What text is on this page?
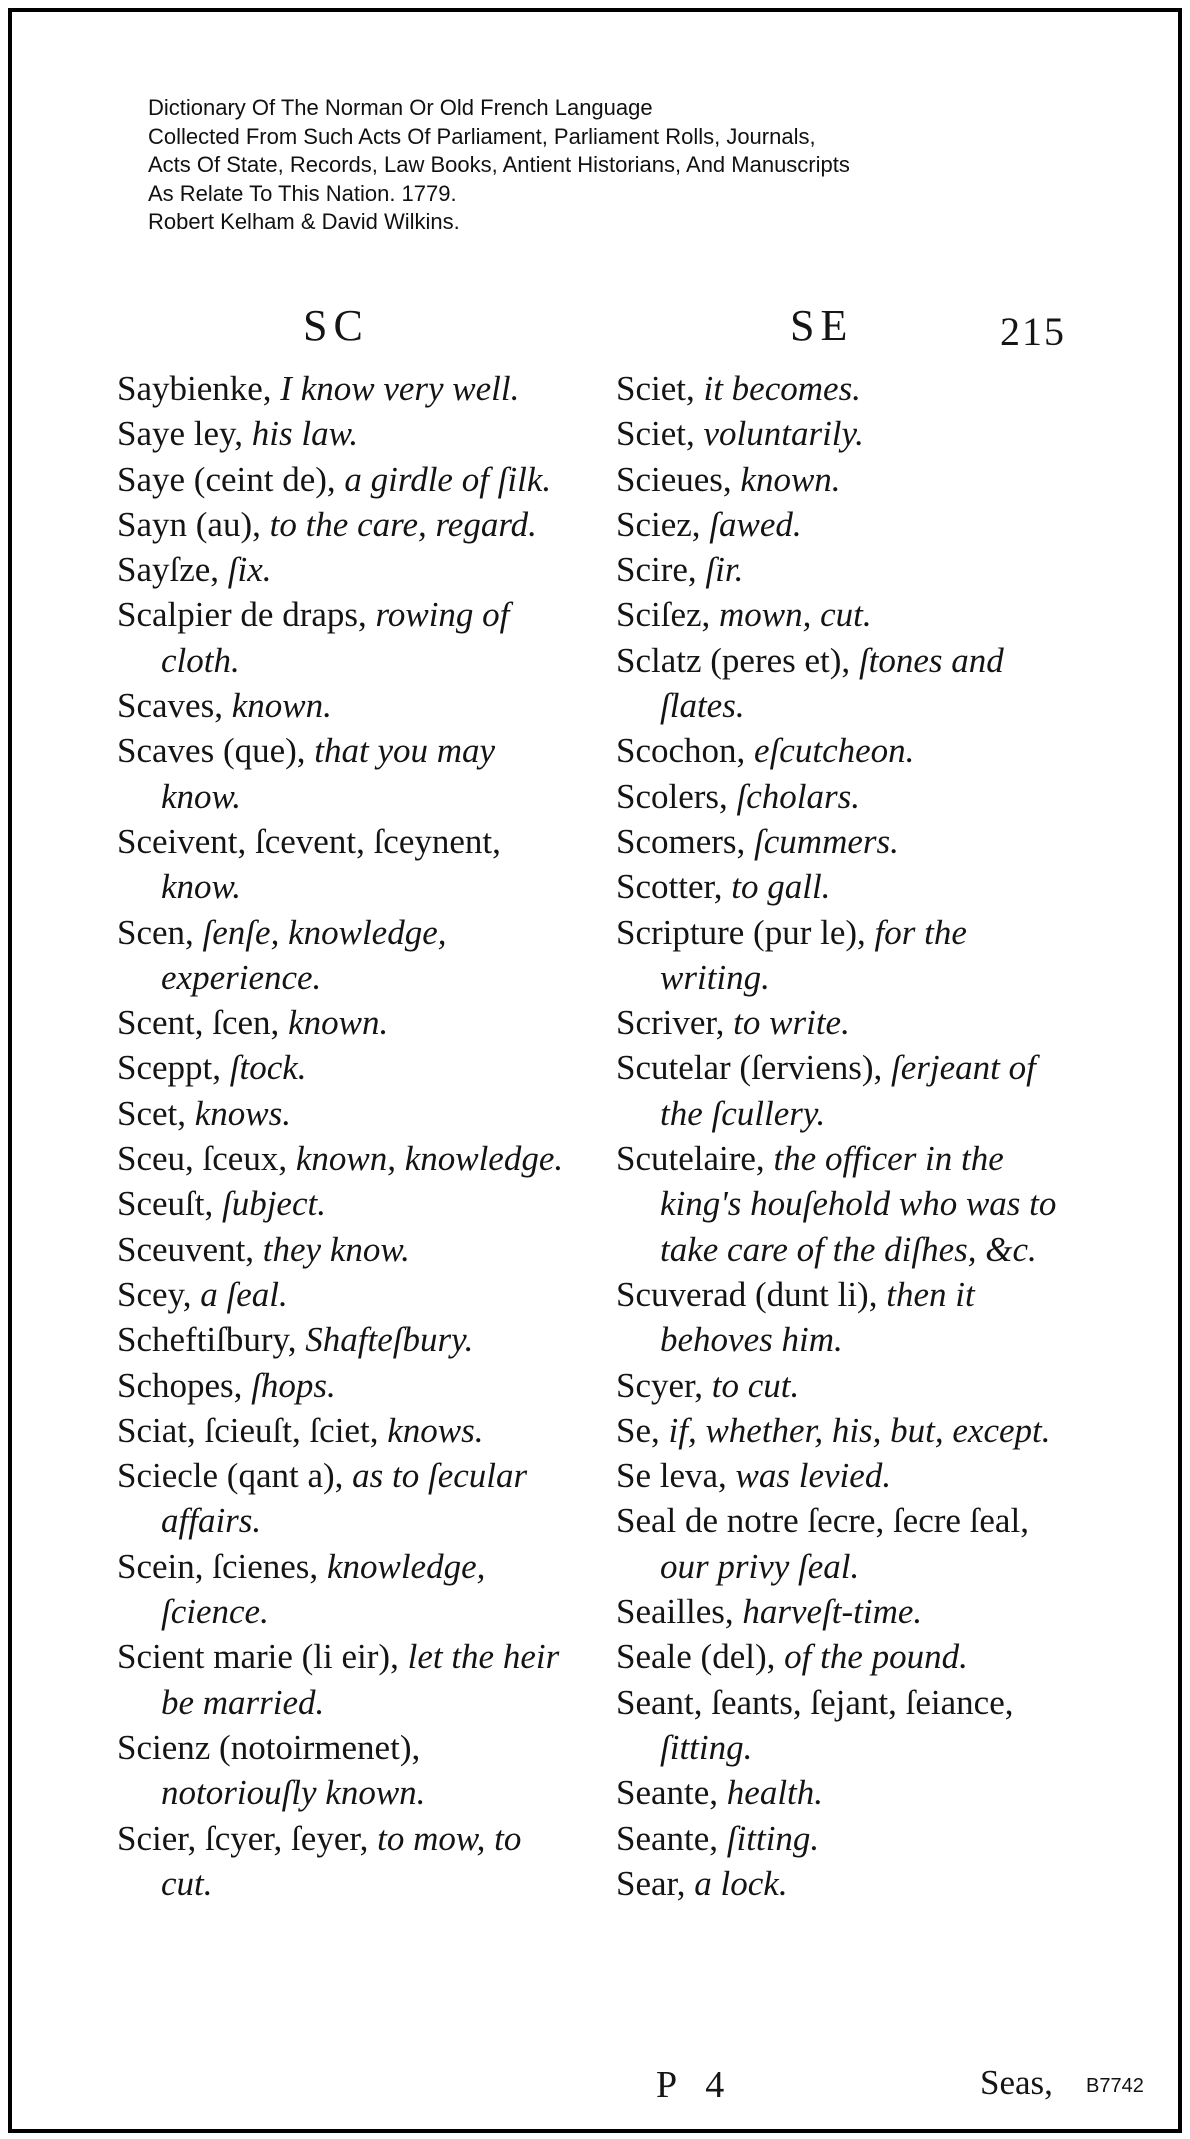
Dictionary Of The Norman Or Old French Language
Collected From Such Acts Of Parliament, Parliament Rolls, Journals,
Acts Of State, Records, Law Books, Antient Historians, And Manuscripts
As Relate To This Nation. 1779.
Robert Kelham & David Wilkins.
SC	SE	215

Saybienke, I know very well.

Saye ley, his law.

Saye (ceint de), a girdle of ſilk.

Sayn (au), to the care, regard.

Sayſze, ſix.

Scalpier de draps, rowing of cloth.

Scaves, known.

Scaves (que), that you may know.

Sceivent, ſcevent, ſceynent, know.

Scen, ſenſe, knowledge, experience.

Scent, ſcen, known.

Sceppt, ſtock.

Scet, knows.

Sceu, ſceux, known, knowledge.

Sceuſt, ſubject.

Sceuvent, they know.

Scey, a ſeal.

Scheftiſbury, Shafteſbury.

Schopes, ſhops.

Sciat, ſcieuſt, ſciet, knows.

Sciecle (qant a), as to ſecular affairs.

Scein, ſcienes, knowledge, ſcience.

Scient marie (li eir), let the heir be married.

Scienz (notoirmenet), notoriouſly known.

Scier, ſcyer, ſeyer, to mow, to cut.

Sciet, it becomes.

Sciet, voluntarily.

Scieues, known.

Sciez, ſawed.

Scire, ſir.

Sciſez, mown, cut.

Sclatz (peres et), ſtones and ſlates.

Scochon, eſcutcheon.

Scolers, ſcholars.

Scomers, ſcummers.

Scotter, to gall.

Scripture (pur le), for the writing.

Scriver, to write.

Scutelar (ſerviens), ſerjeant of the ſcullery.

Scutelaire, the officer in the king's houſehold who was to take care of the diſhes, &c.

Scuverad (dunt li), then it behoves him.

Scyer, to cut.

Se, if, whether, his, but, except.

Se leva, was levied.

Seal de notre ſecre, ſecre ſeal, our privy ſeal.

Seailles, harveſt-time.

Seale (del), of the pound.

Seant, ſeants, ſejant, ſeiance, ſitting.

Seante, health.

Seante, ſitting.

Sear, a lock.

P 4	Seas, B7742
